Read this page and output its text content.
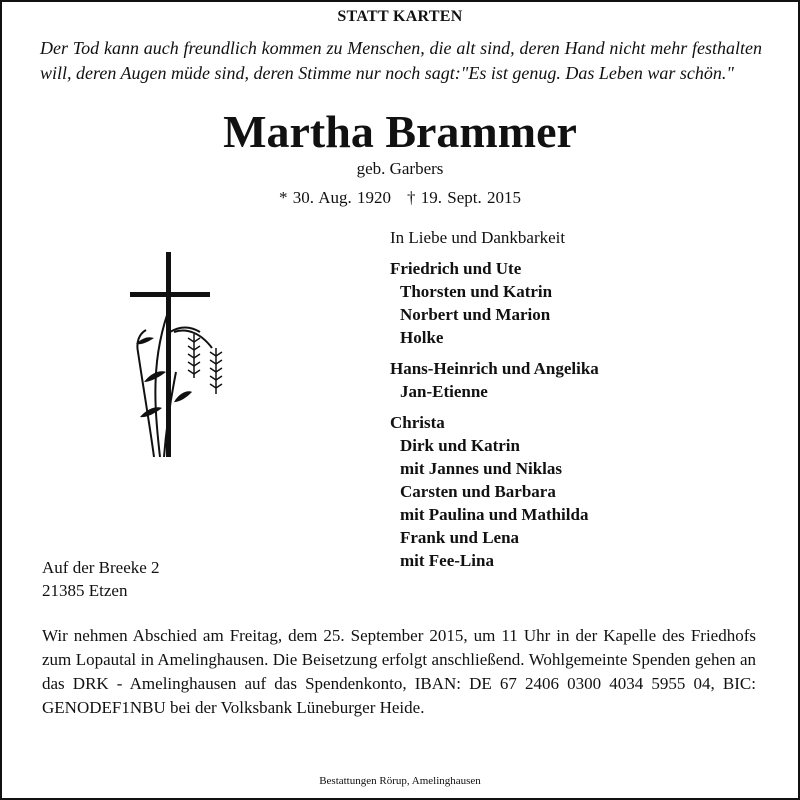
STATT KARTEN
Der Tod kann auch freundlich kommen zu Menschen, die alt sind, deren Hand nicht mehr festhalten will, deren Augen müde sind, deren Stimme nur noch sagt:"Es ist genug. Das Leben war schön."
Martha Brammer
geb. Garbers
* 30. Aug. 1920 † 19. Sept. 2015
In Liebe und Dankbarkeit
Friedrich und Ute
Thorsten und Katrin
Norbert und Marion
Holke
Hans-Heinrich und Angelika
Jan-Etienne
Christa
Dirk und Katrin
mit Jannes und Niklas
Carsten und Barbara
mit Paulina und Mathilda
Frank und Lena
mit Fee-Lina
Auf der Breeke 2
21385 Etzen
Wir nehmen Abschied am Freitag, dem 25. September 2015, um 11 Uhr in der Kapelle des Friedhofs zum Lopautal in Amelinghausen. Die Beisetzung erfolgt anschließend. Wohlgemeinte Spenden gehen an das DRK - Amelinghausen auf das Spendenkonto, IBAN: DE 67 2406 0300 4034 5955 04, BIC: GENODEF1NBU bei der Volksbank Lüneburger Heide.
Bestattungen Rörup, Amelinghausen
